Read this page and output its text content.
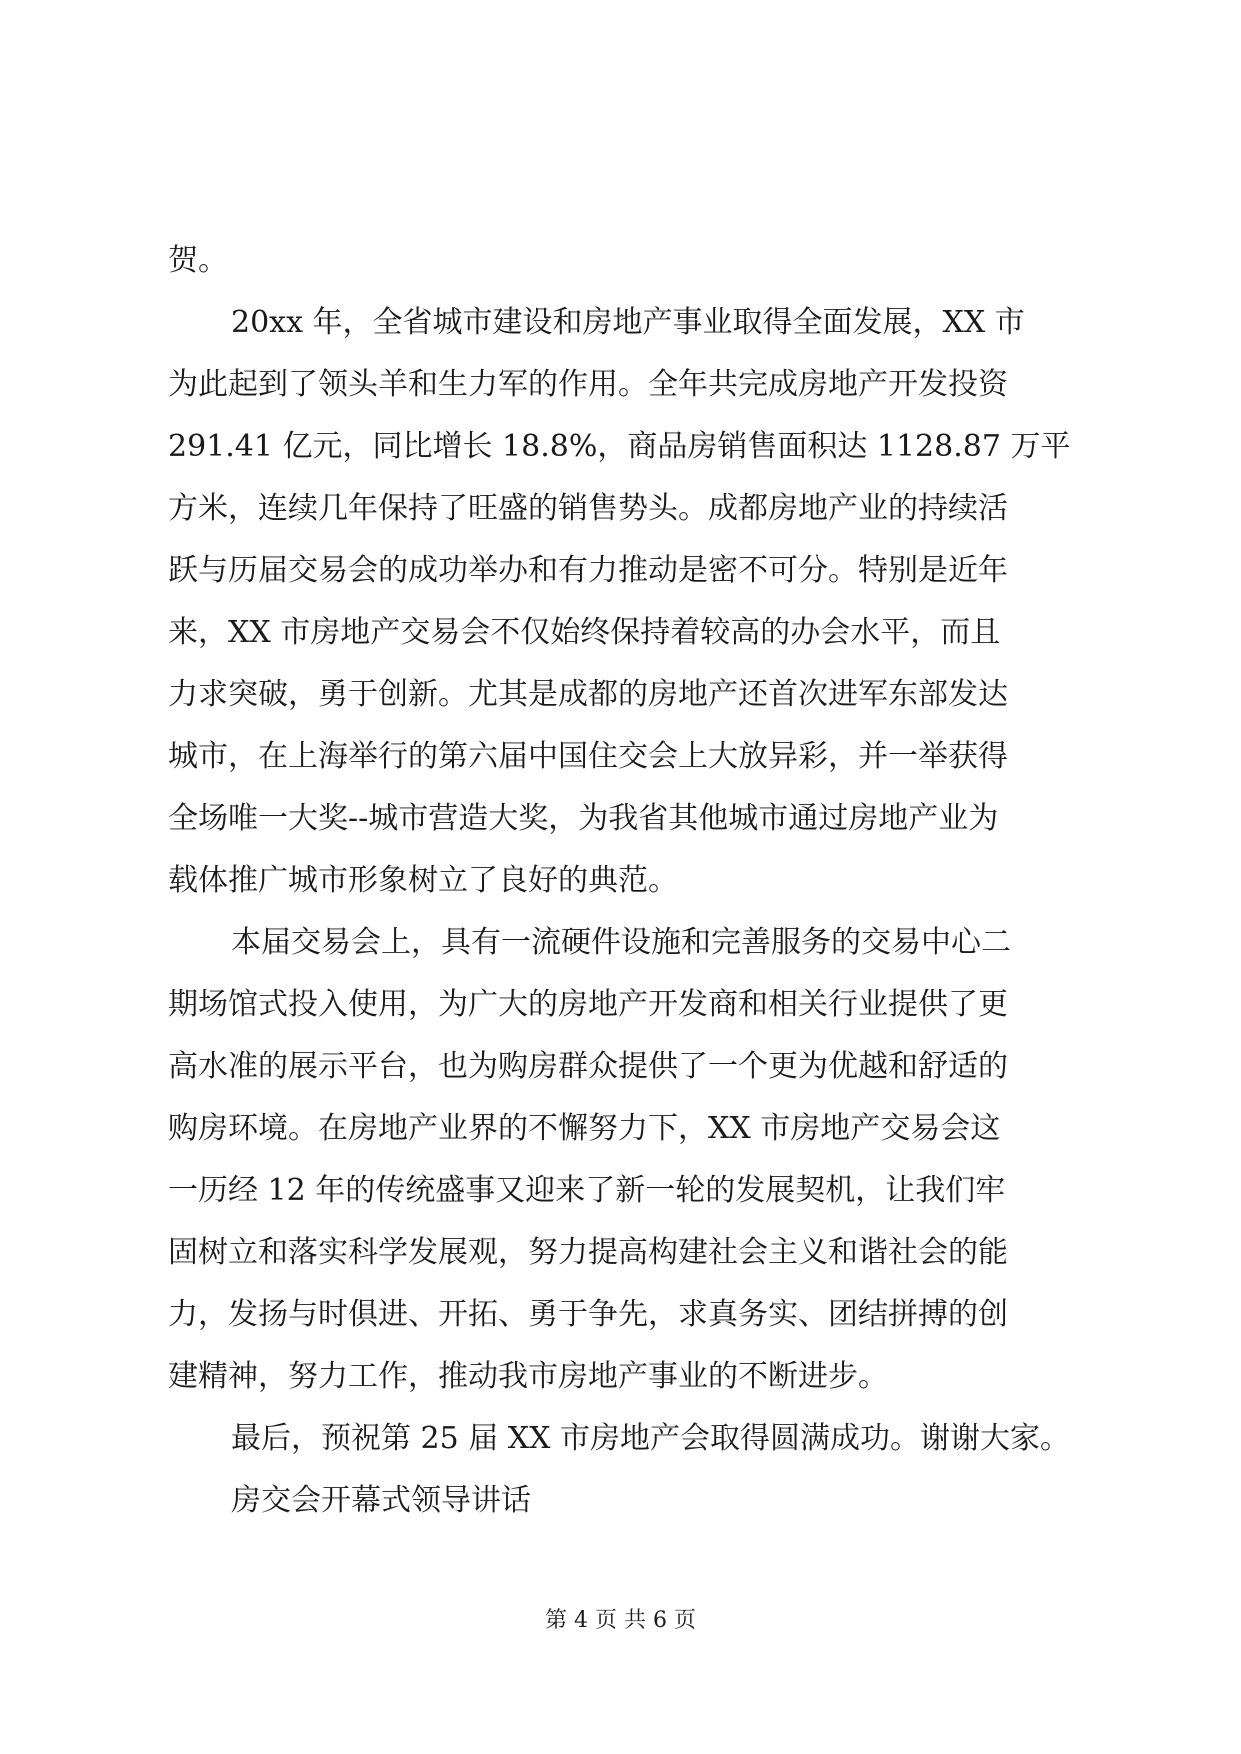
贺。
20xx 年，全省城市建设和房地产事业取得全面发展，XX 市
为此起到了领头羊和生力军的作用。全年共完成房地产开发投资
291.41 亿元，同比增长 18.8%，商品房销售面积达 1128.87 万平
方米，连续几年保持了旺盛的销售势头。成都房地产业的持续活
跃与历届交易会的成功举办和有力推动是密不可分。特别是近年
来，XX 市房地产交易会不仅始终保持着较高的办会水平，而且
力求突破，勇于创新。尤其是成都的房地产还首次进军东部发达
城市，在上海举行的第六届中国住交会上大放异彩，并一举获得
全场唯一大奖--城市营造大奖，为我省其他城市通过房地产业为
载体推广城市形象树立了良好的典范。
本届交易会上，具有一流硬件设施和完善服务的交易中心二
期场馆式投入使用，为广大的房地产开发商和相关行业提供了更
高水准的展示平台，也为购房群众提供了一个更为优越和舒适的
购房环境。在房地产业界的不懈努力下，XX 市房地产交易会这
一历经 12 年的传统盛事又迎来了新一轮的发展契机，让我们牢
固树立和落实科学发展观，努力提高构建社会主义和谐社会的能
力，发扬与时俱进、开拓、勇于争先，求真务实、团结拼搏的创
建精神，努力工作，推动我市房地产事业的不断进步。
最后，预祝第 25 届 XX 市房地产会取得圆满成功。谢谢大家。
房交会开幕式领导讲话
第 4 页 共 6 页
